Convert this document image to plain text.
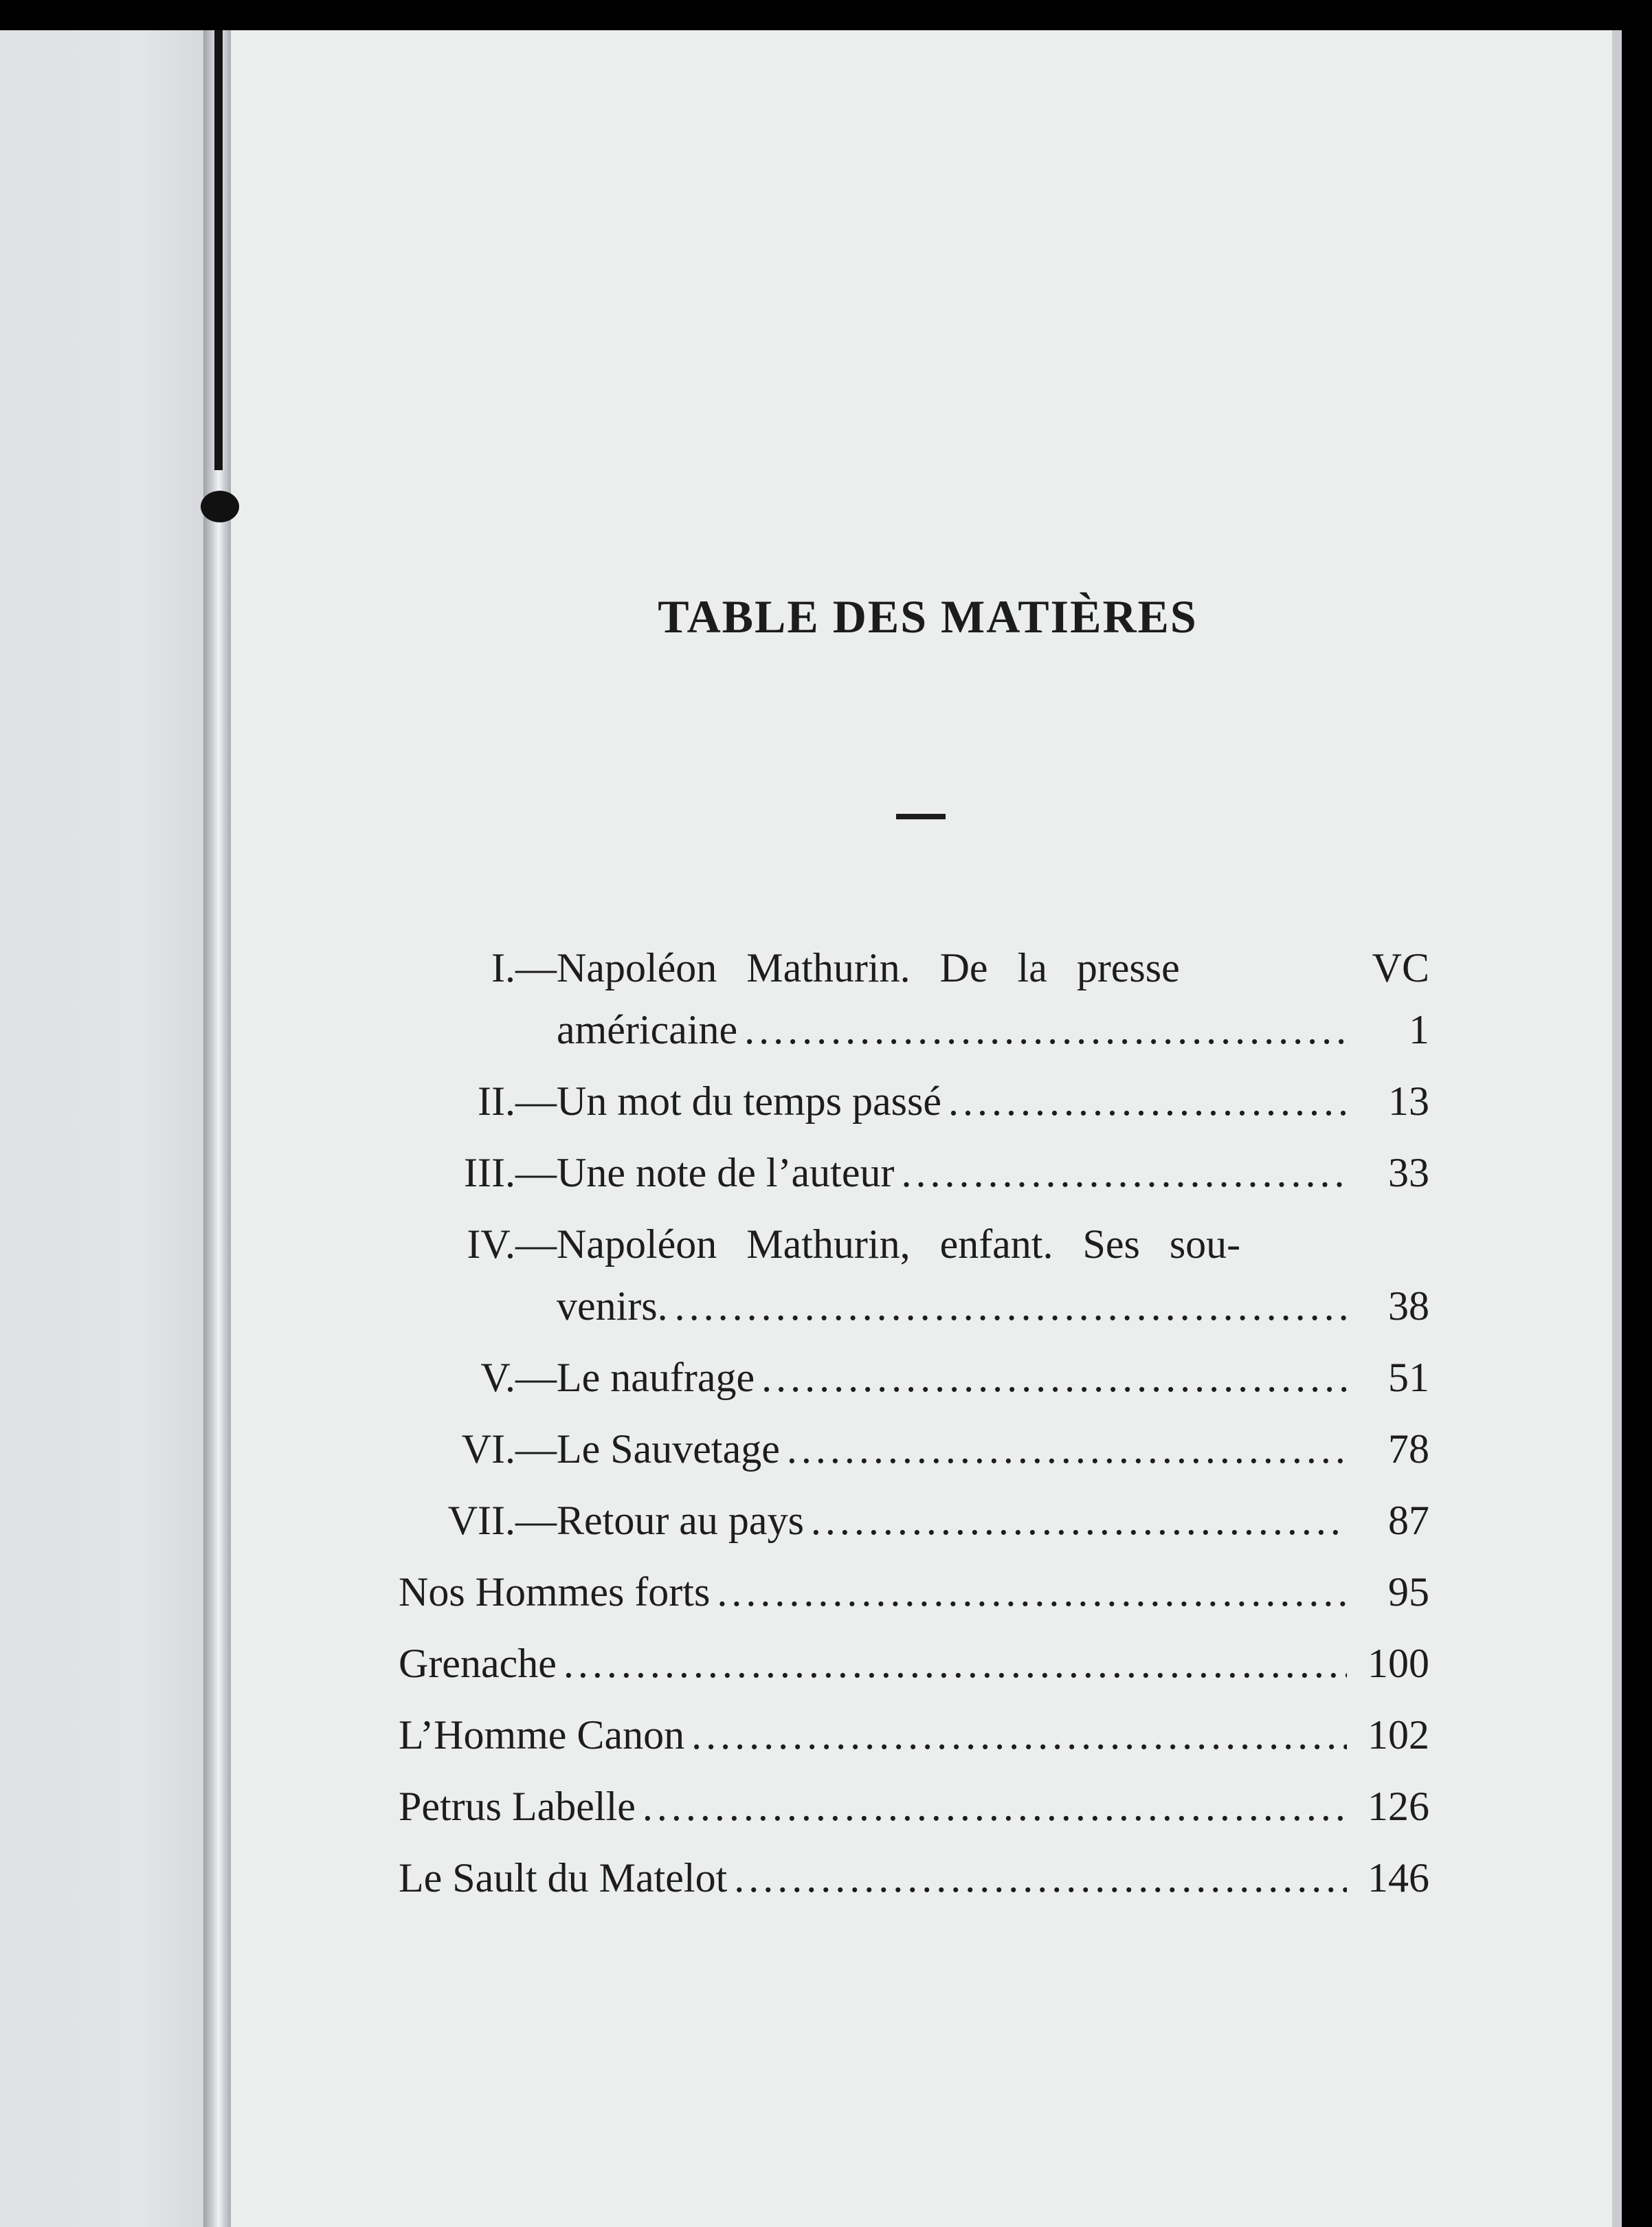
TABLE DES MATIÈRES
I.— Napoléon Mathurin. De la presse	VC
américaine .....	1
II.— Un mot du temps passé .....	13
III.— Une note de l’auteur .....	33
IV.— Napoléon Mathurin, enfant. Ses sou-
venirs. .....	38
V.— Le naufrage .....	51
VI.— Le Sauvetage .....	78
VII.— Retour au pays .....	87
Nos Hommes forts .....	95
Grenache .....	100
L’Homme Canon .....	102
Petrus Labelle .....	126
Le Sault du Matelot .....	146
